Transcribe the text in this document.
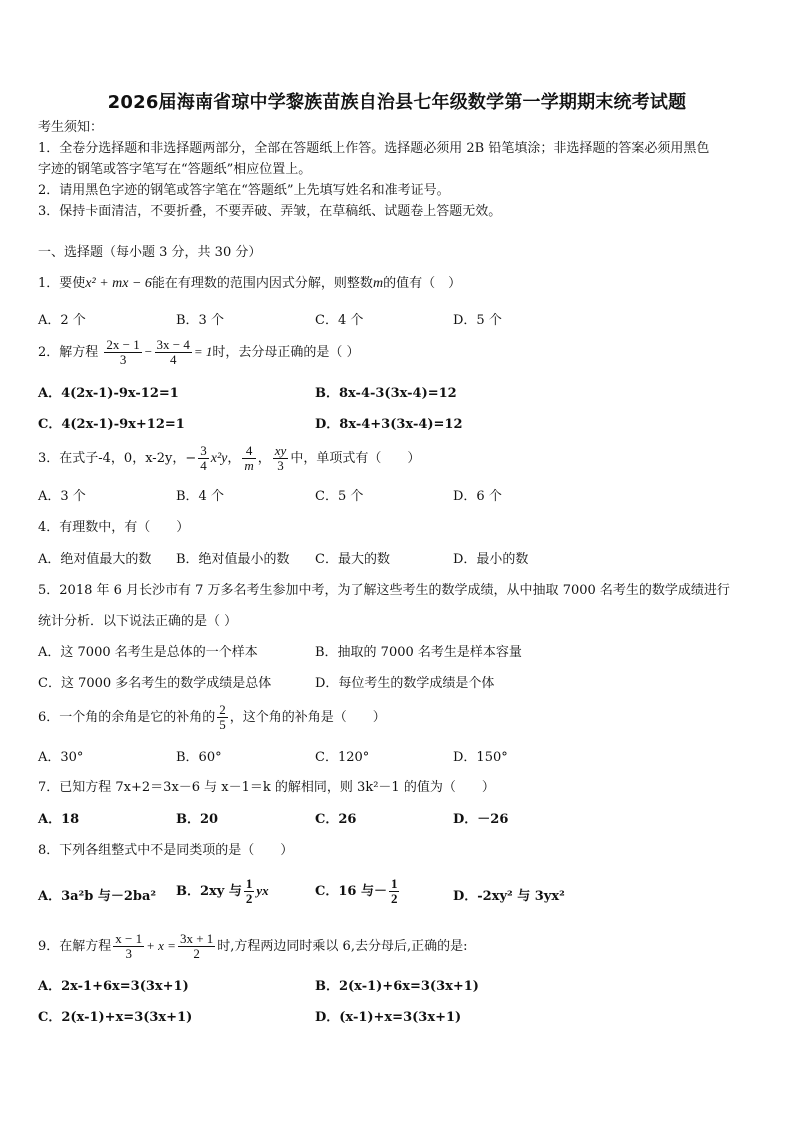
2026届海南省琼中学黎族苗族自治县七年级数学第一学期期末统考试题
考生须知：
1．全卷分选择题和非选择题两部分，全部在答题纸上作答。选择题必须用 2B 铅笔填涂；非选择题的答案必须用黑色
字迹的钢笔或答字笔写在“答题纸”相应位置上。
2．请用黑色字迹的钢笔或答字笔在“答题纸”上先填写姓名和准考证号。
3．保持卡面清洁，不要折叠，不要弄破、弄皱，在草稿纸、试题卷上答题无效。
一、选择题（每小题 3 分，共 30 分）
1．要使x² + mx − 6能在有理数的范围内因式分解，则整数m的值有（　）
A．2 个	B．3 个	C．4 个	D．5 个
2．解方程 $\frac{2x - 1}{3} - \frac{3x - 4}{4} = 1$时，去分母正确的是（ ）
A．4(2x-1)-9x-12=1	B．8x-4-3(3x-4)=12
C．4(2x-1)-9x+12=1	D．8x-4+3(3x-4)=12
3．在式子-4，0，x-2y，− $\frac{3}{4} x^2y$， $\frac{4}{m}$ ， $\frac{xy}{3}$ 中，单项式有（　　）
A．3 个	B．4 个	C．5 个	D．6 个
4．有理数中，有（　　）
A．绝对值最大的数 B．绝对值最小的数 C．最大的数	D．最小的数
5．2018 年 6 月长沙市有 7 万多名考生参加中考，为了解这些考生的数学成绩，从中抽取 7000 名考生的数学成绩进行
统计分析．以下说法正确的是（ ）
A．这 7000 名考生是总体的一个样本	B．抽取的 7000 名考生是样本容量
C．这 7000 多名考生的数学成绩是总体	D．每位考生的数学成绩是个体
6．一个角的余角是它的补角的 $\frac{2}{5}$ ，这个角的补角是（　　）
A．30°	B．60°	C．120°	D．150°
7．已知方程 7x+2＝3x－6 与 x－1＝k 的解相同，则 3k²－1 的值为（　　）
A．18	B．20	C．26	D．－26
8．下列各组整式中不是同类项的是（　　）
A．3a²b 与－2ba² B．2xy 与 $\frac{1}{2}$ yx	C．16 与－ $\frac{1}{2}$	D．-2xy² 与 3yx²
9．在解方程 $\frac{x - 1}{3} + x = \frac{3x + 1}{2}$ 时,方程两边同时乘以 6,去分母后,正确的是:
A．2x-1+6x=3(3x+1)	B．2(x-1)+6x=3(3x+1)
C．2(x-1)+x=3(3x+1)	D．(x-1)+x=3(3x+1)
